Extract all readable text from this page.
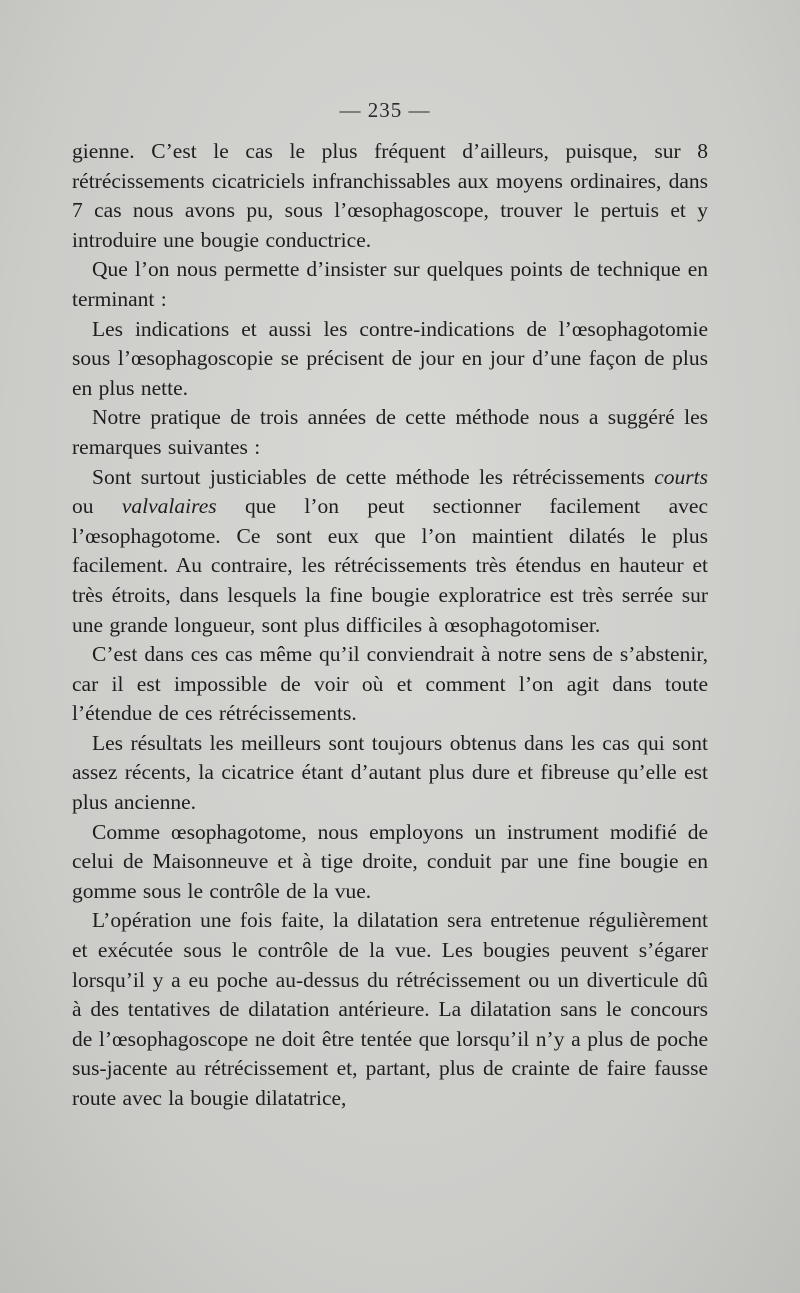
— 235 —

gienne. C’est le cas le plus fréquent d’ailleurs, puisque, sur 8 rétrécissements cicatriciels infranchissables aux moyens ordinaires, dans 7 cas nous avons pu, sous l’œsophagoscope, trouver le pertuis et y introduire une bougie conductrice.

Que l’on nous permette d’insister sur quelques points de technique en terminant :

Les indications et aussi les contre-indications de l’œsophagotomie sous l’œsophagoscopie se précisent de jour en jour d’une façon de plus en plus nette.

Notre pratique de trois années de cette méthode nous a suggéré les remarques suivantes :

Sont surtout justiciables de cette méthode les rétrécissements courts ou valvalaires que l’on peut sectionner facilement avec l’œsophagotome. Ce sont eux que l’on maintient dilatés le plus facilement. Au contraire, les rétrécissements très étendus en hauteur et très étroits, dans lesquels la fine bougie exploratrice est très serrée sur une grande longueur, sont plus difficiles à œsophagotomiser.

C’est dans ces cas même qu’il conviendrait à notre sens de s’abstenir, car il est impossible de voir où et comment l’on agit dans toute l’étendue de ces rétrécissements.

Les résultats les meilleurs sont toujours obtenus dans les cas qui sont assez récents, la cicatrice étant d’autant plus dure et fibreuse qu’elle est plus ancienne.

Comme œsophagotome, nous employons un instrument modifié de celui de Maisonneuve et à tige droite, conduit par une fine bougie en gomme sous le contrôle de la vue.

L’opération une fois faite, la dilatation sera entretenue régulièrement et exécutée sous le contrôle de la vue. Les bougies peuvent s’égarer lorsqu’il y a eu poche au-dessus du rétrécissement ou un diverticule dû à des tentatives de dilatation antérieure. La dilatation sans le concours de l’œsophagoscope ne doit être tentée que lorsqu’il n’y a plus de poche sus-jacente au rétrécissement et, partant, plus de crainte de faire fausse route avec la bougie dilatatrice,
